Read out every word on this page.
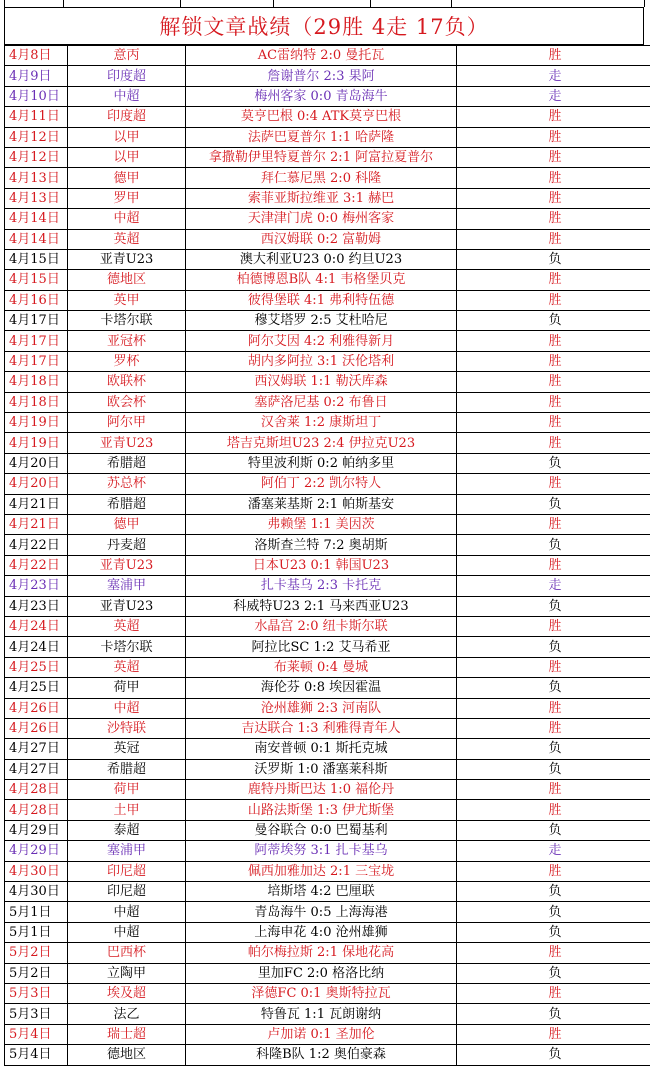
解锁文章战绩（29胜 4走 17负）
4月8日	意丙	AC雷纳特 2:0 曼托瓦	胜
4月9日	印度超	詹谢普尔 2:3 果阿	走
4月10日	中超	梅州客家 0:0 青岛海牛	走
4月11日	印度超	莫亨巴根 0:4 ATK莫亨巴根	胜
4月12日	以甲	法萨巴夏普尔 1:1 哈萨隆	胜
4月12日	以甲	拿撒勒伊里特夏普尔 2:1 阿富拉夏普尔	胜
4月13日	德甲	拜仁慕尼黑 2:0 科隆	胜
4月13日	罗甲	索菲亚斯拉维亚 3:1 赫巴	胜
4月14日	中超	天津津门虎 0:0 梅州客家	胜
4月14日	英超	西汉姆联 0:2 富勒姆	胜
4月15日	亚青U23	澳大利亚U23 0:0 约旦U23	负
4月15日	德地区	柏德博恩B队 4:1 韦格堡贝克	胜
4月16日	英甲	彼得堡联 4:1 弗利特伍德	胜
4月17日	卡塔尔联	穆艾塔罗 2:5 艾杜哈尼	负
4月17日	亚冠杯	阿尔艾因 4:2 利雅得新月	胜
4月17日	罗杯	胡内多阿拉 3:1 沃伦塔利	胜
4月18日	欧联杯	西汉姆联 1:1 勒沃库森	胜
4月18日	欧会杯	塞萨洛尼基 0:2 布鲁日	胜
4月19日	阿尔甲	汉舍莱 1:2 康斯坦丁	胜
4月19日	亚青U23	塔吉克斯坦U23 2:4 伊拉克U23	胜
4月20日	希腊超	特里波利斯 0:2 帕纳多里	负
4月20日	苏总杯	阿伯丁 2:2 凯尔特人	胜
4月21日	希腊超	潘塞莱基斯 2:1 帕斯基安	负
4月21日	德甲	弗赖堡 1:1 美因茨	胜
4月22日	丹麦超	洛斯查兰特 7:2 奥胡斯	负
4月22日	亚青U23	日本U23 0:1 韩国U23	胜
4月23日	塞浦甲	扎卡基乌 2:3 卡托克	走
4月23日	亚青U23	科威特U23 2:1 马来西亚U23	负
4月24日	英超	水晶宫 2:0 纽卡斯尔联	胜
4月24日	卡塔尔联	阿拉比SC 1:2 艾马希亚	负
4月25日	英超	布莱顿 0:4 曼城	胜
4月25日	荷甲	海伦芬 0:8 埃因霍温	负
4月26日	中超	沧州雄狮 2:3 河南队	胜
4月26日	沙特联	吉达联合 1:3 利雅得青年人	胜
4月27日	英冠	南安普顿 0:1 斯托克城	负
4月27日	希腊超	沃罗斯 1:0 潘塞莱科斯	负
4月28日	荷甲	鹿特丹斯巴达 1:0 福伦丹	胜
4月28日	土甲	山路法斯堡 1:3 伊尤斯堡	胜
4月29日	泰超	曼谷联合 0:0 巴蜀基利	负
4月29日	塞浦甲	阿蒂埃努 3:1 扎卡基乌	走
4月30日	印尼超	佩西加雅加达 2:1 三宝垅	胜
4月30日	印尼超	培斯塔 4:2 巴厘联	负
5月1日	中超	青岛海牛 0:5 上海海港	负
5月1日	中超	上海申花 4:0 沧州雄狮	负
5月2日	巴西杯	帕尔梅拉斯 2:1 保地花高	胜
5月2日	立陶甲	里加FC 2:0 格洛比纳	负
5月3日	埃及超	泽德FC 0:1 奥斯特拉瓦	胜
5月3日	法乙	特鲁瓦 1:1 瓦朗谢纳	负
5月4日	瑞士超	卢加诺 0:1 圣加伦	胜
5月4日	德地区	科隆B队 1:2 奥伯豪森	负
